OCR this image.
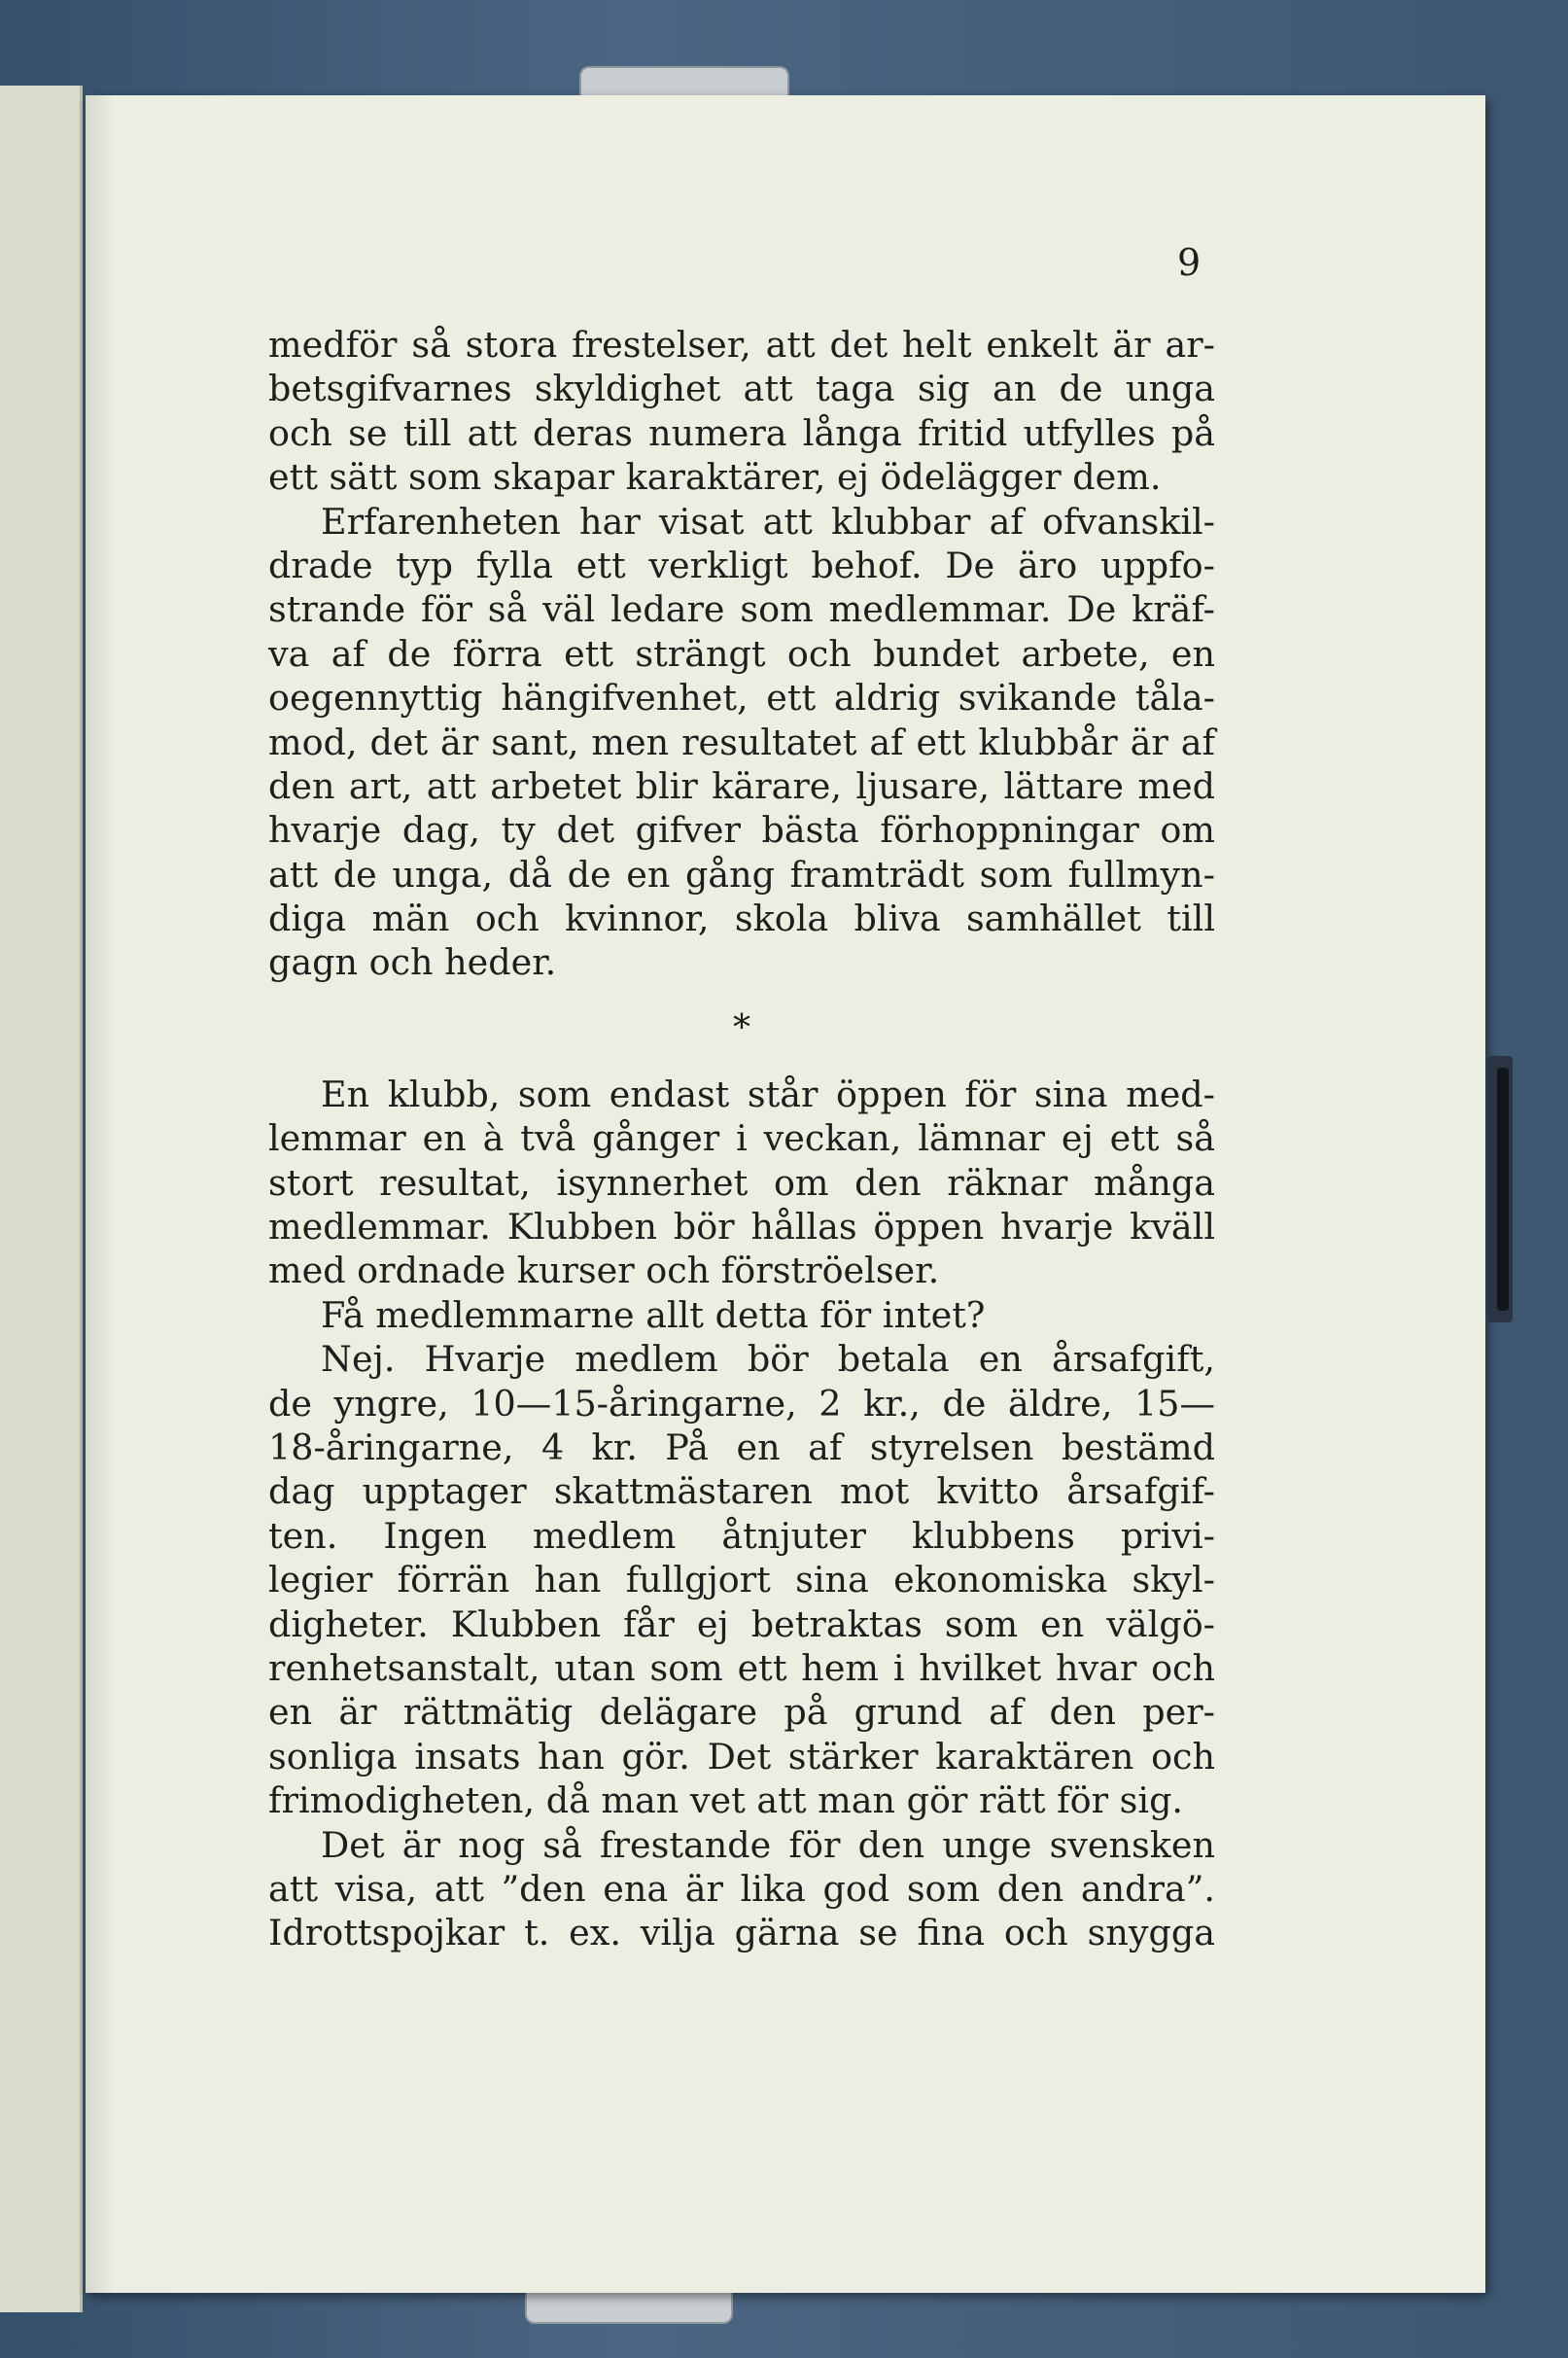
9
medför så stora frestelser, att det helt enkelt är ar-
betsgifvarnes skyldighet att taga sig an de unga
och se till att deras numera långa fritid utfylles på
ett sätt som skapar karaktärer, ej ödelägger dem.
Erfarenheten har visat att klubbar af ofvanskil-
drade typ fylla ett verkligt behof. De äro uppfo-
strande för så väl ledare som medlemmar. De kräf-
va af de förra ett strängt och bundet arbete, en
oegennyttig hängifvenhet, ett aldrig svikande tåla-
mod, det är sant, men resultatet af ett klubbår är af
den art, att arbetet blir kärare, ljusare, lättare med
hvarje dag, ty det gifver bästa förhoppningar om
att de unga, då de en gång framträdt som fullmyn-
diga män och kvinnor, skola bliva samhället till
gagn och heder.
*
En klubb, som endast står öppen för sina med-
lemmar en à två gånger i veckan, lämnar ej ett så
stort resultat, isynnerhet om den räknar många
medlemmar. Klubben bör hållas öppen hvarje kväll
med ordnade kurser och förströelser.
Få medlemmarne allt detta för intet?
Nej. Hvarje medlem bör betala en årsafgift,
de yngre, 10—15-åringarne, 2 kr., de äldre, 15—
18-åringarne, 4 kr. På en af styrelsen bestämd
dag upptager skattmästaren mot kvitto årsafgif-
ten. Ingen medlem åtnjuter klubbens privi-
legier förrän han fullgjort sina ekonomiska skyl-
digheter. Klubben får ej betraktas som en välgö-
renhetsanstalt, utan som ett hem i hvilket hvar och
en är rättmätig delägare på grund af den per-
sonliga insats han gör. Det stärker karaktären och
frimodigheten, då man vet att man gör rätt för sig.
Det är nog så frestande för den unge svensken
att visa, att ”den ena är lika god som den andra”.
Idrottspojkar t. ex. vilja gärna se fina och snygga
